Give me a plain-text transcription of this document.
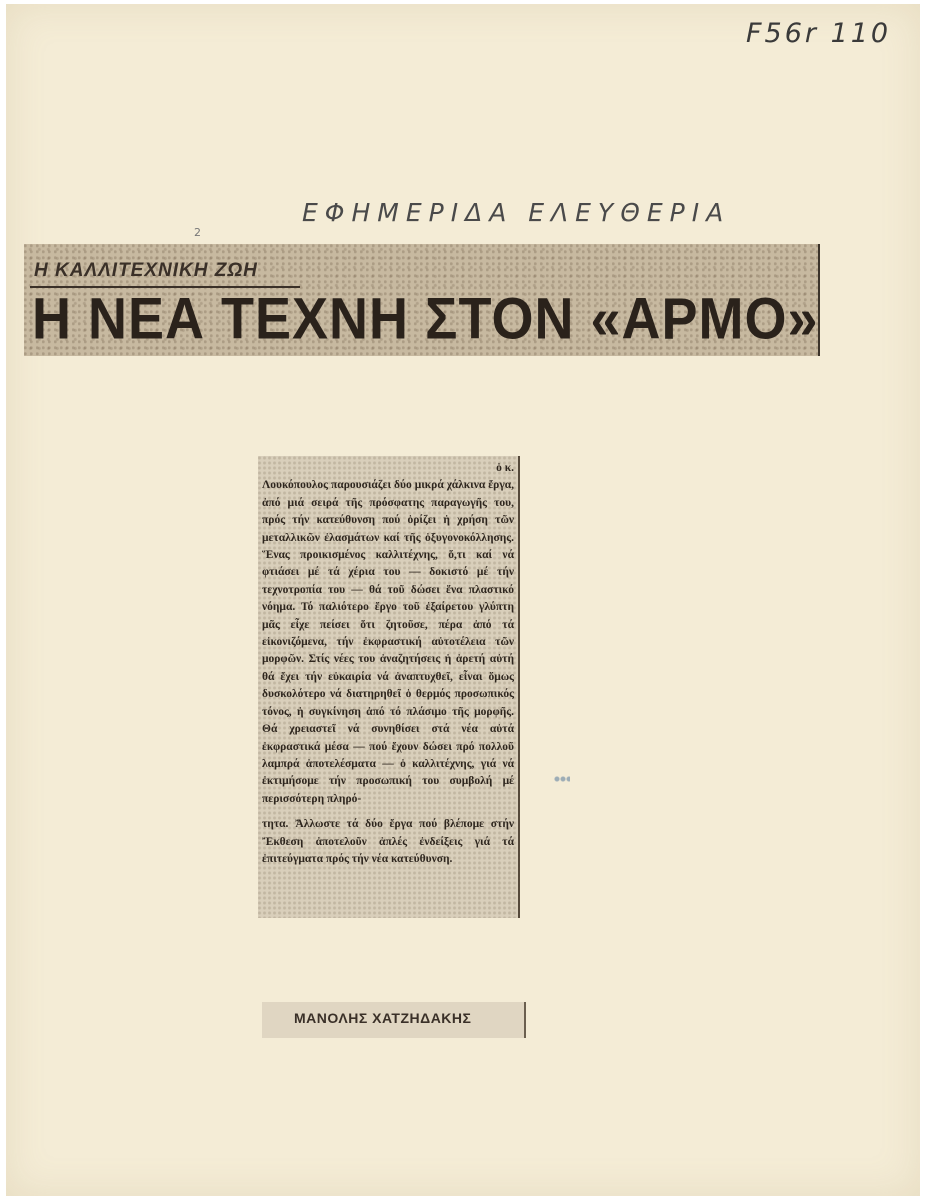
F56r 110
ΕΦΗΜΕΡΙΔΑ ΕΛΕΥΘΕΡΙΑ
2
Η ΚΑΛΛΙΤΕΧΝΙΚΗ ΖΩΗ
Η ΝΕΑ ΤΕΧΝΗ ΣΤΟΝ «ΑΡΜΟ»

ὁ κ.

Λουκόπουλος παρουσιάζει δύο μικρά χάλκινα ἔργα, ἀπό μιά σειρά τῆς πρόσφατης παραγωγῆς του, πρός τήν κατεύθυνση πού ὁρίζει ἡ χρήση τῶν μεταλλικῶν ἐλασμάτων καί τῆς ὀξυγονοκόλλησης. Ἕνας προικισμένος καλλιτέχνης, ὅ,τι καί νά φτιάσει μέ τά χέρια του — δοκιστό μέ τήν τεχνοτροπία του — θά τοῦ δώσει ἕνα πλαστικό νόημα. Τό παλιότερο ἔργο τοῦ ἐξαίρετου γλύπτη μᾶς εἶχε πείσει ὅτι ζητοῦσε, πέρα ἀπό τά εἰκονιζόμενα, τήν ἐκφραστική αὐτοτέλεια τῶν μορφῶν. Στίς νέες του ἀναζητήσεις ἡ ἀρετή αὐτή θά ἔχει τήν εὐκαιρία νά ἀναπτυχθεῖ, εἶναι ὅμως δυσκολότερο νά διατηρηθεῖ ὁ θερμός προσωπικός τόνος, ἡ συγκίνηση ἀπό τό πλάσιμο τῆς μορφῆς. Θά χρειαστεῖ νά συνηθίσει στά νέα αὐτά ἐκφραστικά μέσα — πού ἔχουν δώσει πρό πολλοῦ λαμπρά ἀποτελέσματα — ὁ καλλιτέχνης, γιά νά ἐκτιμήσομε τήν προσωπική του συμβολή μέ περισσότερη πληρό-

τητα. Ἄλλωστε τά δύο ἔργα πού βλέπομε στήν Ἔκθεση ἀποτελοῦν ἁπλές ἐνδείξεις γιά τά ἐπιτεύγματα πρός τήν νέα κατεύθυνση.

ΜΑΝΟΛΗΣ ΧΑΤΖΗΔΑΚΗΣ
